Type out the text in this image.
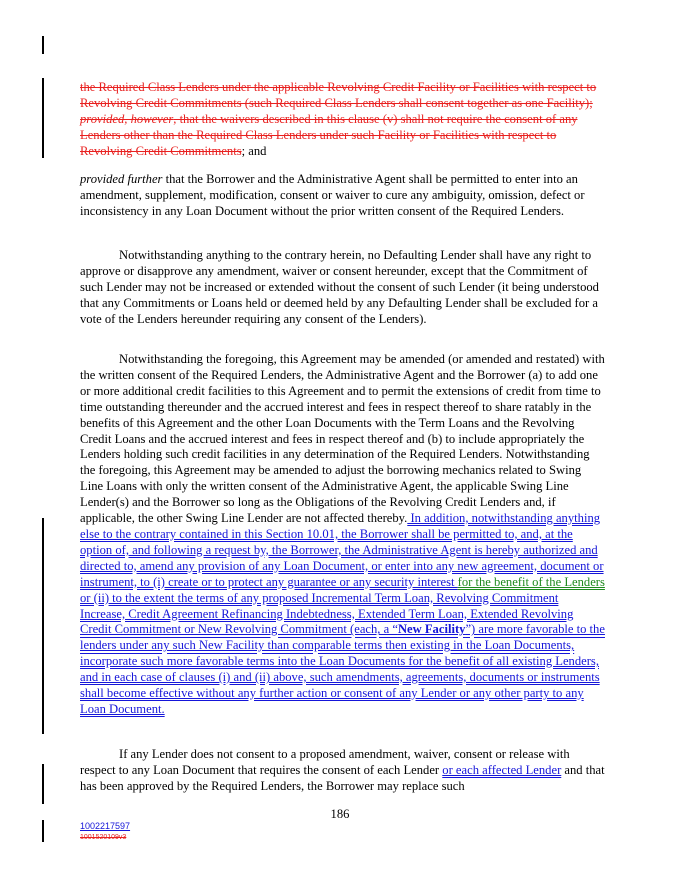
the Required Class Lenders under the applicable Revolving Credit Facility or Facilities with respect to Revolving Credit Commitments (such Required Class Lenders shall consent together as one Facility); provided, however, that the waivers described in this clause (v) shall not require the consent of any Lenders other than the Required Class Lenders under such Facility or Facilities with respect to Revolving Credit Commitments; and

provided further that the Borrower and the Administrative Agent shall be permitted to enter into an amendment, supplement, modification, consent or waiver to cure any ambiguity, omission, defect or inconsistency in any Loan Document without the prior written consent of the Required Lenders.

Notwithstanding anything to the contrary herein, no Defaulting Lender shall have any right to approve or disapprove any amendment, waiver or consent hereunder, except that the Commitment of such Lender may not be increased or extended without the consent of such Lender (it being understood that any Commitments or Loans held or deemed held by any Defaulting Lender shall be excluded for a vote of the Lenders hereunder requiring any consent of the Lenders).

Notwithstanding the foregoing, this Agreement may be amended (or amended and restated) with the written consent of the Required Lenders, the Administrative Agent and the Borrower (a) to add one or more additional credit facilities to this Agreement and to permit the extensions of credit from time to time outstanding thereunder and the accrued interest and fees in respect thereof to share ratably in the benefits of this Agreement and the other Loan Documents with the Term Loans and the Revolving Credit Loans and the accrued interest and fees in respect thereof and (b) to include appropriately the Lenders holding such credit facilities in any determination of the Required Lenders. Notwithstanding the foregoing, this Agreement may be amended to adjust the borrowing mechanics related to Swing Line Loans with only the written consent of the Administrative Agent, the applicable Swing Line Lender(s) and the Borrower so long as the Obligations of the Revolving Credit Lenders and, if applicable, the other Swing Line Lender are not affected thereby. In addition, notwithstanding anything else to the contrary contained in this Section 10.01, the Borrower shall be permitted to, and, at the option of, and following a request by, the Borrower, the Administrative Agent is hereby authorized and directed to, amend any provision of any Loan Document, or enter into any new agreement, document or instrument, to (i) create or to protect any guarantee or any security interest for the benefit of the Lenders or (ii) to the extent the terms of any proposed Incremental Term Loan, Revolving Commitment Increase, Credit Agreement Refinancing Indebtedness, Extended Term Loan, Extended Revolving Credit Commitment or New Revolving Commitment (each, a “New Facility”) are more favorable to the lenders under any such New Facility than comparable terms then existing in the Loan Documents, incorporate such more favorable terms into the Loan Documents for the benefit of all existing Lenders, and in each case of clauses (i) and (ii) above, such amendments, agreements, documents or instruments shall become effective without any further action or consent of any Lender or any other party to any Loan Document.

If any Lender does not consent to a proposed amendment, waiver, consent or release with respect to any Loan Document that requires the consent of each Lender or each affected Lender and that has been approved by the Required Lenders, the Borrower may replace such

186
1002217597
1001520109v3
